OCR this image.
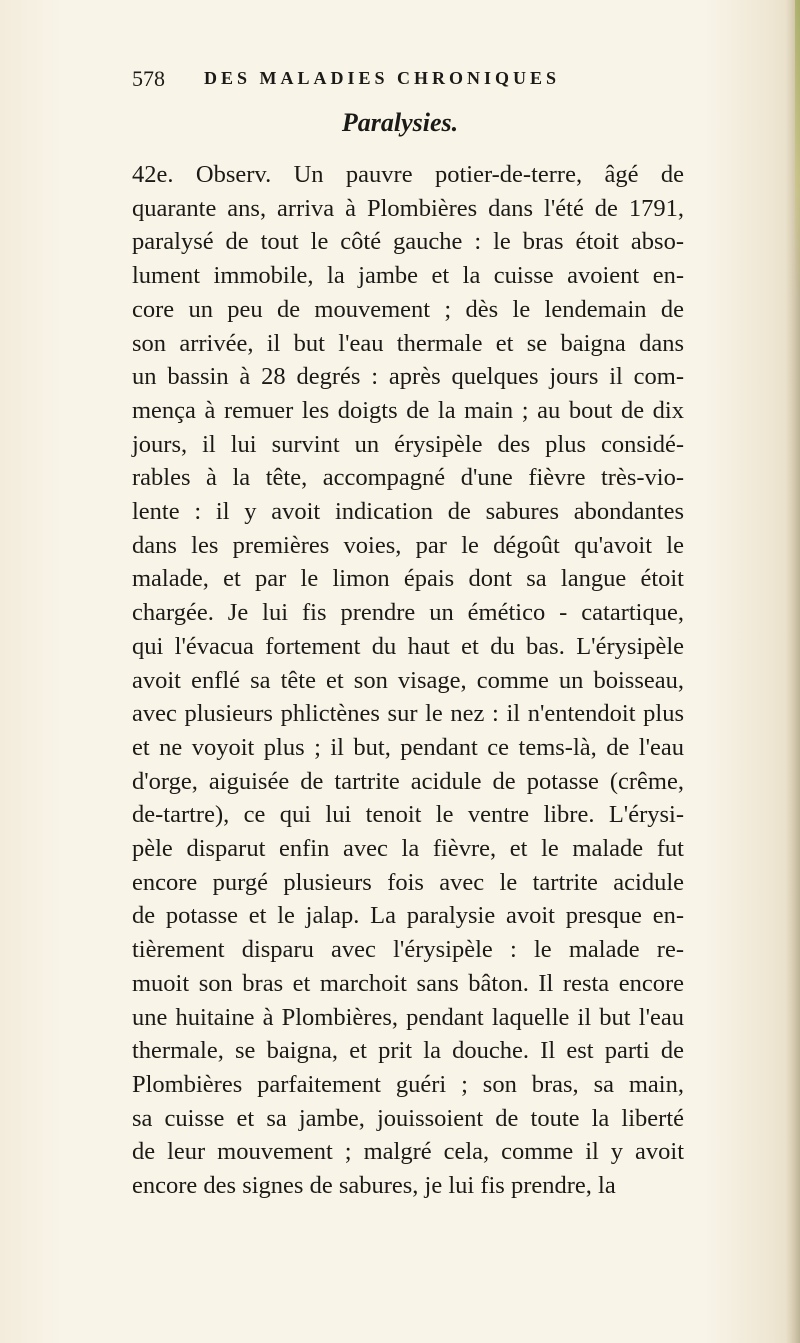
578 DES MALADIES CHRONIQUES
Paralysies.
42e. Observ. Un pauvre potier-de-terre, âgé de
quarante ans, arriva à Plombières dans l'été de 1791,
paralysé de tout le côté gauche : le bras étoit abso-
lument immobile, la jambe et la cuisse avoient en-
core un peu de mouvement ; dès le lendemain de
son arrivée, il but l'eau thermale et se baigna dans
un bassin à 28 degrés : après quelques jours il com-
mença à remuer les doigts de la main ; au bout de dix
jours, il lui survint un érysipèle des plus considé-
rables à la tête, accompagné d'une fièvre très-vio-
lente : il y avoit indication de sabures abondantes
dans les premières voies, par le dégoût qu'avoit le
malade, et par le limon épais dont sa langue étoit
chargée. Je lui fis prendre un émético - catartique,
qui l'évacua fortement du haut et du bas. L'érysipèle
avoit enflé sa tête et son visage, comme un boisseau,
avec plusieurs phlictènes sur le nez : il n'entendoit plus
et ne voyoit plus ; il but, pendant ce tems-là, de l'eau
d'orge, aiguisée de tartrite acidule de potasse (crême,
de-tartre), ce qui lui tenoit le ventre libre. L'érysi-
pèle disparut enfin avec la fièvre, et le malade fut
encore purgé plusieurs fois avec le tartrite acidule
de potasse et le jalap. La paralysie avoit presque en-
tièrement disparu avec l'érysipèle : le malade re-
muoit son bras et marchoit sans bâton. Il resta encore
une huitaine à Plombières, pendant laquelle il but l'eau
thermale, se baigna, et prit la douche. Il est parti de
Plombières parfaitement guéri ; son bras, sa main,
sa cuisse et sa jambe, jouissoient de toute la liberté
de leur mouvement ; malgré cela, comme il y avoit
encore des signes de sabures, je lui fis prendre, la
